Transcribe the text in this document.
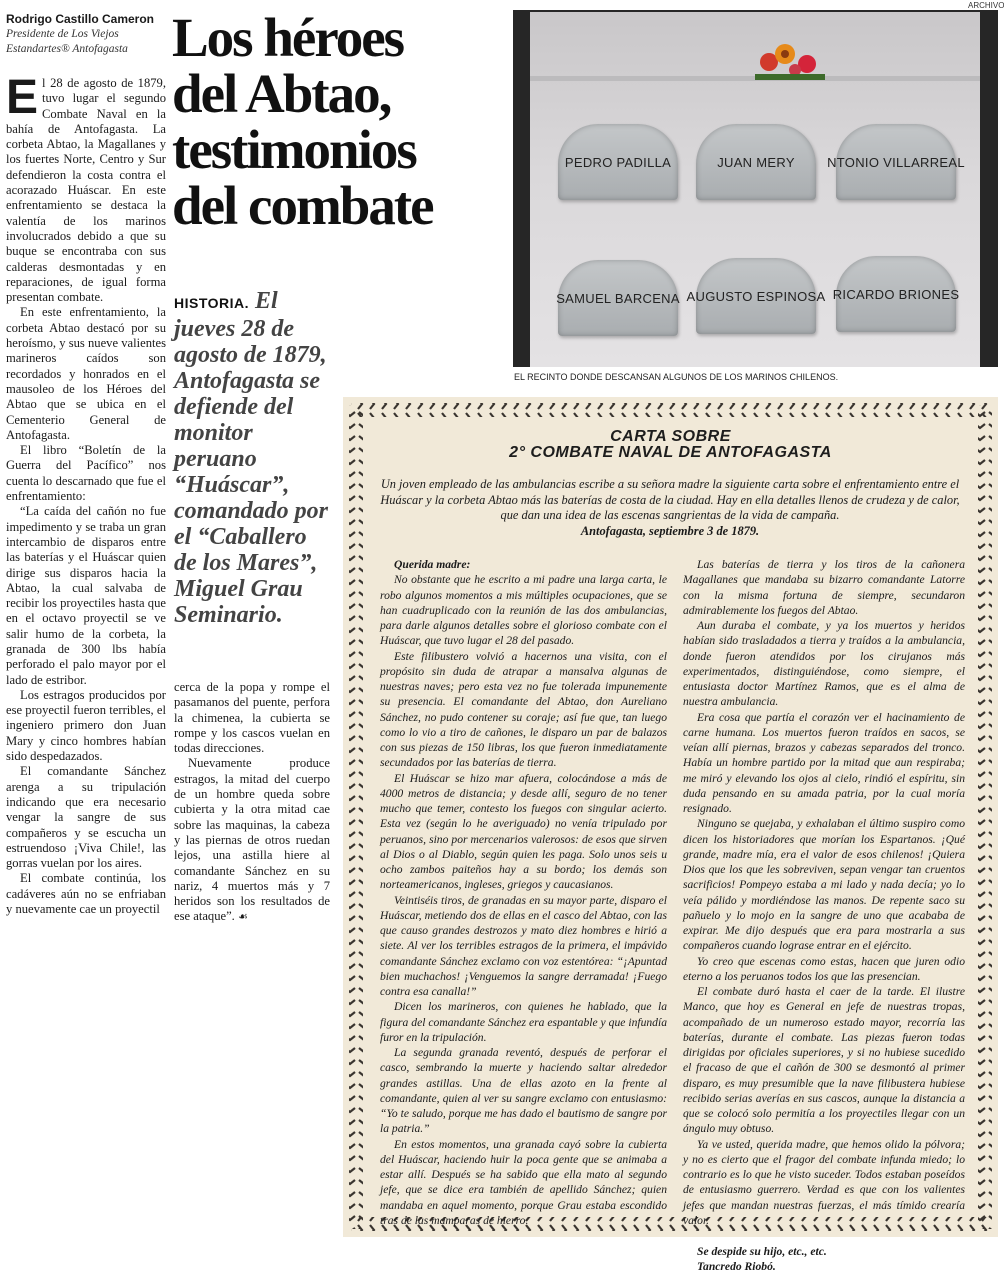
Rodrigo Castillo Cameron
Presidente de Los Viejos
Estandartes® Antofagasta Los héroes
del Abtao,
testimonios
del combate
HISTORIA. El jueves 28 de agosto de 1879, Antofagasta se defiende del monitor peruano “Huáscar”, comandado por el “Caballero de los Mares”, Miguel Grau Seminario.

El 28 de agosto de 1879, tuvo lugar el segundo Combate Naval en la bahía de Antofagasta. La corbeta Abtao, la Magallanes y los fuertes Norte, Centro y Sur defendieron la costa contra el acorazado Huáscar. En este enfrentamiento se destaca la valentía de los marinos involucrados debido a que su buque se encontraba con sus calderas desmontadas y en reparaciones, de igual forma presentan combate.

En este enfrentamiento, la corbeta Abtao destacó por su heroísmo, y sus nueve valientes marineros caídos son recordados y honrados en el mausoleo de los Héroes del Abtao que se ubica en el Cementerio General de Antofagasta.

El libro “Boletín de la Guerra del Pacífico” nos cuenta lo descarnado que fue el enfrentamiento:

“La caída del cañón no fue impedimento y se traba un gran intercambio de disparos entre las baterías y el Huáscar quien dirige sus disparos hacia la Abtao, la cual salvaba de recibir los proyectiles hasta que en el octavo proyectil se ve salir humo de la corbeta, la granada de 300 lbs había perforado el palo mayor por el lado de estribor.

Los estragos producidos por ese proyectil fueron terribles, el ingeniero primero don Juan Mary y cinco hombres habían sido despedazados.

El comandante Sánchez arenga a su tripulación indicando que era necesario vengar la sangre de sus compañeros y se escucha un estruendoso ¡Viva Chile!, las gorras vuelan por los aires.

El combate continúa, los cadáveres aún no se enfriaban y nuevamente cae un proyectil

cerca de la popa y rompe el pasamanos del puente, perfora la chimenea, la cubierta se rompe y los cascos vuelan en todas direcciones.

Nuevamente produce estragos, la mitad del cuerpo de un hombre queda sobre cubierta y la otra mitad cae sobre las maquinas, la cabeza y las piernas de otros ruedan lejos, una astilla hiere al comandante Sánchez en su nariz, 4 muertos más y 7 heridos son los resultados de ese ataque”. ☙

ARCHIVO
PEDRO PADILLA	JUAN MERY	NTONIO VILLARREAL
SAMUEL BARCENA AUGUSTO ESPINOSA RICARDO BRIONES
EL RECINTO DONDE DESCANSAN ALGUNOS DE LOS MARINOS CHILENOS.
CARTA SOBRE
2° COMBATE NAVAL DE ANTOFAGASTA
Un joven empleado de las ambulancias escribe a su señora madre la siguiente carta sobre el enfrentamiento entre el Huáscar y la corbeta Abtao más las baterías de costa de la ciudad. Hay en ella detalles llenos de crudeza y de calor, que dan una idea de las escenas sangrientas de la vida de campaña.
Antofagasta, septiembre 3 de 1879.

Querida madre:

No obstante que he escrito a mi padre una larga carta, le robo algunos momentos a mis múltiples ocupaciones, que se han cuadruplicado con la reunión de las dos ambulancias, para darle algunos detalles sobre el glorioso combate con el Huáscar, que tuvo lugar el 28 del pasado.

Este filibustero volvió a hacernos una visita, con el propósito sin duda de atrapar a mansalva algunas de nuestras naves; pero esta vez no fue tolerada impunemente su presencia. El comandante del Abtao, don Aureliano Sánchez, no pudo contener su coraje; así fue que, tan luego como lo vio a tiro de cañones, le disparo un par de balazos con sus piezas de 150 libras, los que fueron inmediatamente secundados por las baterías de tierra.

El Huáscar se hizo mar afuera, colocándose a más de 4000 metros de distancia; y desde allí, seguro de no tener mucho que temer, contesto los fuegos con singular acierto. Esta vez (según lo he averiguado) no venía tripulado por peruanos, sino por mercenarios valerosos: de esos que sirven al Dios o al Diablo, según quien les paga. Solo unos seis u ocho zambos paiteños hay a su bordo; los demás son norteamericanos, ingleses, griegos y caucasianos.

Veintiséis tiros, de granadas en su mayor parte, disparo el Huáscar, metiendo dos de ellas en el casco del Abtao, con las que causo grandes destrozos y mato diez hombres e hirió a siete. Al ver los terribles estragos de la primera, el impávido comandante Sánchez exclamo con voz estentórea: “¡Apuntad bien muchachos! ¡Venguemos la sangre derramada! ¡Fuego contra esa canalla!”

Dicen los marineros, con quienes he hablado, que la figura del comandante Sánchez era espantable y que infundía furor en la tripulación.

La segunda granada reventó, después de perforar el casco, sembrando la muerte y haciendo saltar alrededor grandes astillas. Una de ellas azoto en la frente al comandante, quien al ver su sangre exclamo con entusiasmo: “Yo te saludo, porque me has dado el bautismo de sangre por la patria.”

En estos momentos, una granada cayó sobre la cubierta del Huáscar, haciendo huir la poca gente que se animaba a estar allí. Después se ha sabido que ella mato al segundo jefe, que se dice era también de apellido Sánchez; quien mandaba en aquel momento, porque Grau estaba escondido tras de las mamparas de hierro.

Las baterías de tierra y los tiros de la cañonera Magallanes que mandaba su bizarro comandante Latorre con la misma fortuna de siempre, secundaron admirablemente los fuegos del Abtao.

Aun duraba el combate, y ya los muertos y heridos habían sido trasladados a tierra y traídos a la ambulancia, donde fueron atendidos por los cirujanos más experimentados, distinguiéndose, como siempre, el entusiasta doctor Martínez Ramos, que es el alma de nuestra ambulancia.

Era cosa que partía el corazón ver el hacinamiento de carne humana. Los muertos fueron traídos en sacos, se veían allí piernas, brazos y cabezas separados del tronco. Había un hombre partido por la mitad que aun respiraba; me miró y elevando los ojos al cielo, rindió el espíritu, sin duda pensando en su amada patria, por la cual moría resignado.

Ninguno se quejaba, y exhalaban el último suspiro como dicen los historiadores que morían los Espartanos. ¡Qué grande, madre mía, era el valor de esos chilenos! ¡Quiera Dios que los que les sobreviven, sepan vengar tan cruentos sacrificios! Pompeyo estaba a mi lado y nada decía; yo lo veía pálido y mordiéndose las manos. De repente saco su pañuelo y lo mojo en la sangre de uno que acababa de expirar. Me dijo después que era para mostrarla a sus compañeros cuando lograse entrar en el ejército.

Yo creo que escenas como estas, hacen que juren odio eterno a los peruanos todos los que las presencian.

El combate duró hasta el caer de la tarde. El ilustre Manco, que hoy es General en jefe de nuestras tropas, acompañado de un numeroso estado mayor, recorría las baterías, durante el combate. Las piezas fueron todas dirigidas por oficiales superiores, y si no hubiese sucedido el fracaso de que el cañón de 300 se desmontó al primer disparo, es muy presumible que la nave filibustera hubiese recibido serias averías en sus cascos, aunque la distancia a que se colocó solo permitía a los proyectiles llegar con un ángulo muy obtuso.

Ya ve usted, querida madre, que hemos olido la pólvora; y no es cierto que el fragor del combate infunda miedo; lo contrario es lo que he visto suceder. Todos estaban poseídos de entusiasmo guerrero. Verdad es que con los valientes jefes que mandan nuestras fuerzas, el más tímido crearía valor.

Se despide su hijo, etc., etc.

Tancredo Riobó.
